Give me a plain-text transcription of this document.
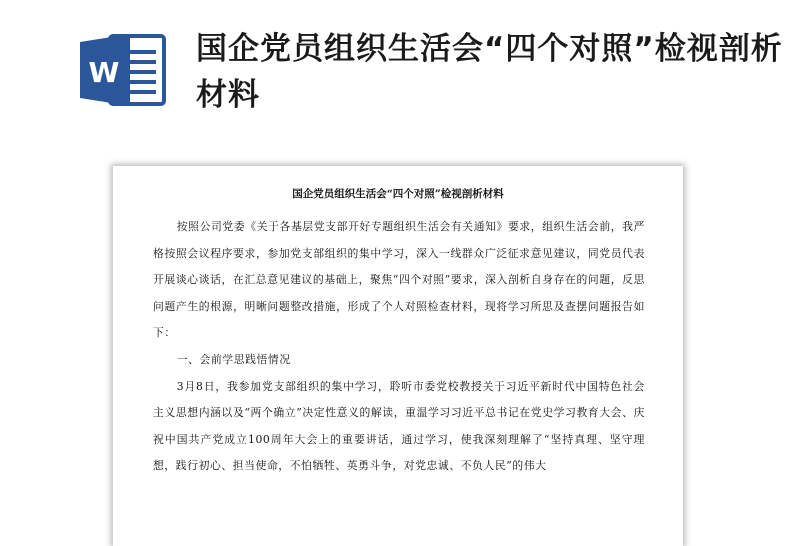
W
国企党员组织生活会“四个对照”检视剖析材料
国企党员组织生活会“四个对照”检视剖析材料

按照公司党委《关于各基层党支部开好专题组织生活会有关通知》要求，组织生活会前，我严格按照会议程序要求，参加党支部组织的集中学习，深入一线群众广泛征求意见建议，同党员代表开展谈心谈话，在汇总意见建议的基础上，聚焦“四个对照”要求，深入剖析自身存在的问题，反思问题产生的根源，明晰问题整改措施，形成了个人对照检查材料，现将学习所思及查摆问题报告如下：

一、会前学思践悟情况

3月8日，我参加党支部组织的集中学习，聆听市委党校教授关于习近平新时代中国特色社会主义思想内涵以及“两个确立”决定性意义的解读，重温学习习近平总书记在党史学习教育大会、庆祝中国共产党成立100周年大会上的重要讲话，通过学习，使我深刻理解了“坚持真理、坚守理想，践行初心、担当使命，不怕牺牲、英勇斗争，对党忠诚、不负人民”的伟大
